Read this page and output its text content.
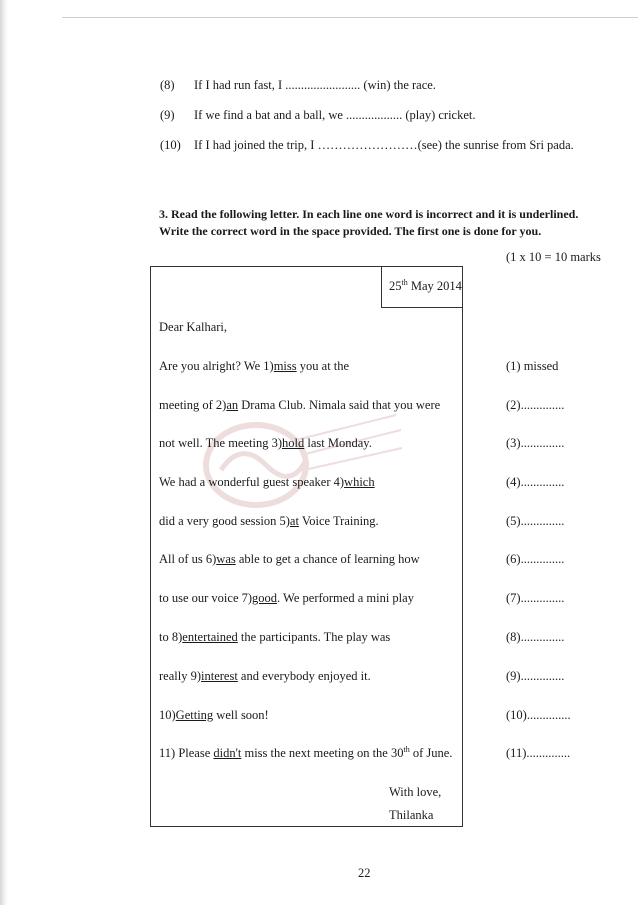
(8) If I had run fast, I ........................ (win) the race.
(9) If we find a bat and a ball, we .................. (play) cricket.
(10) If I had joined the trip, I ……………………(see) the sunrise from Sri pada.
3. Read the following letter. In each line one word is incorrect and it is underlined.
Write the correct word in the space provided. The first one is done for you.
(1 x 10 = 10 marks
25th May 2014
Dear Kalhari,
Are you alright? We 1)miss you at the	(1) missed
meeting of 2)an Drama Club. Nimala said that you were	(2)..............
not well. The meeting 3)hold last Monday.	(3)..............
We had a wonderful guest speaker 4)which	(4)..............
did a very good session 5)at Voice Training.	(5)..............
All of us 6)was able to get a chance of learning how	(6)..............
to use our voice 7)good. We performed a mini play	(7)..............
to 8)entertained the participants. The play was	(8)..............
really 9)interest and everybody enjoyed it.	(9)..............
10)Getting well soon!	(10)..............
11) Please didn't miss the next meeting on the 30th of June.	(11)..............
With love,
Thilanka
22
